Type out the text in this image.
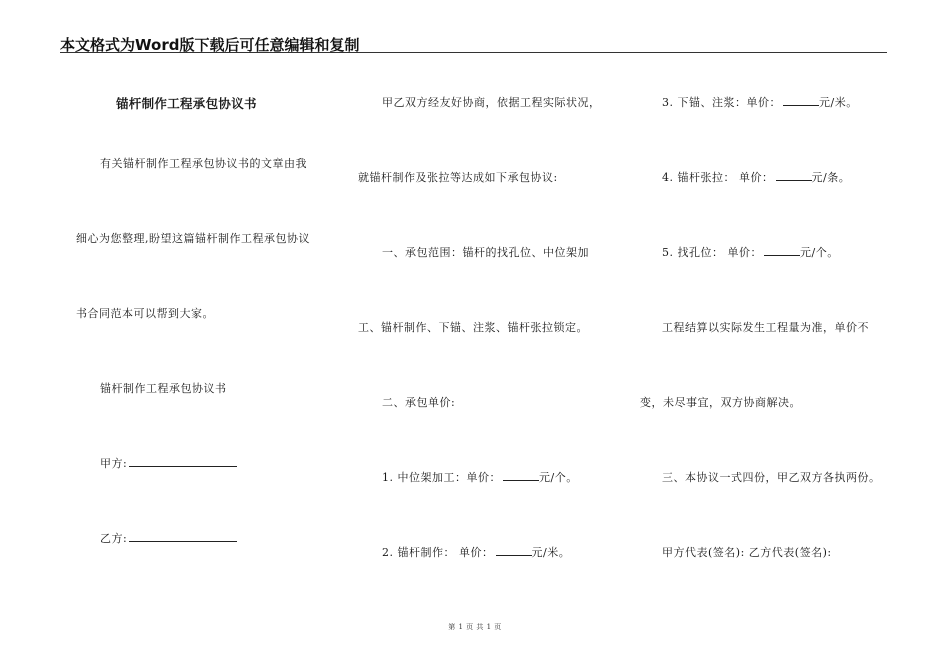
本文格式为Word版下载后可任意编辑和复制
锚杆制作工程承包协议书
有关锚杆制作工程承包协议书的文章由我
细心为您整理,盼望这篇锚杆制作工程承包协议
书合同范本可以帮到大家。
锚杆制作工程承包协议书
甲方:
乙方:
甲乙双方经友好协商，依据工程实际状况，
就锚杆制作及张拉等达成如下承包协议:
一、承包范围：锚杆的找孔位、中位架加
工、锚杆制作、下锚、注浆、锚杆张拉锁定。
二、承包单价:
1. 中位架加工：单价：	元/个。
2. 锚杆制作： 单价：	元/米。
3. 下锚、注浆：单价：	元/米。
4. 锚杆张拉： 单价：	元/条。
5. 找孔位： 单价：	元/个。
工程结算以实际发生工程量为准，单价不
变，未尽事宜，双方协商解决。
三、本协议一式四份，甲乙双方各执两份。
甲方代表(签名): 乙方代表(签名):
第 1 页 共 1 页
